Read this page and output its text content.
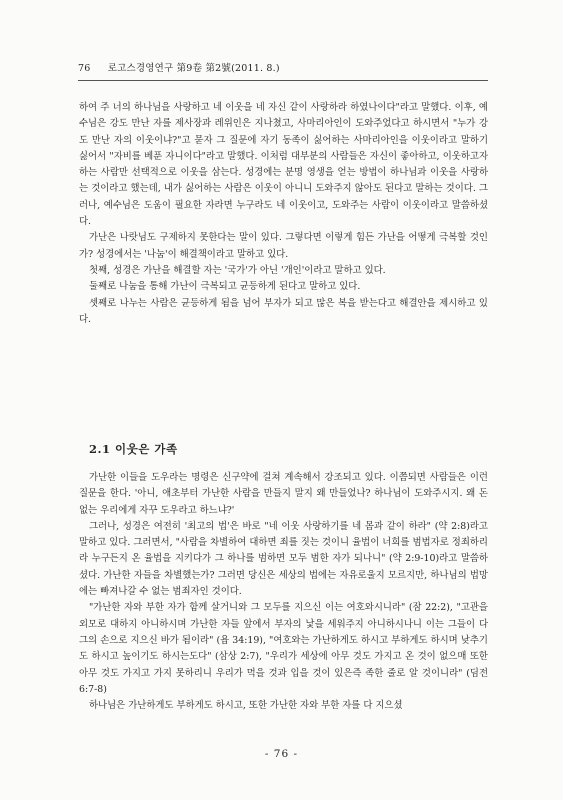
76 로고스경영연구 第9卷 第2號(2011. 8.)

하여 주 너의 하나님을 사랑하고 네 이웃을 네 자신 같이 사랑하라 하였나이다"라고 말했다. 이후, 예수님은 강도 만난 자를 제사장과 레위인은 지나쳤고, 사마리아인이 도와주었다고 하시면서 "누가 강도 만난 자의 이웃이냐?"고 묻자 그 질문에 자기 동족이 싫어하는 사마리아인을 이웃이라고 말하기 싫어서 "자비를 베푼 자니이다"라고 말했다. 이처럼 대부분의 사람들은 자신이 좋아하고, 이웃하고자 하는 사람만 선택적으로 이웃을 삼는다. 성경에는 분명 영생을 얻는 방법이 하나님과 이웃을 사랑하는 것이라고 했는데, 내가 싫어하는 사람은 이웃이 아니니 도와주지 않아도 된다고 말하는 것이다. 그러나, 예수님은 도움이 필요한 자라면 누구라도 네 이웃이고, 도와주는 사람이 이웃이라고 말씀하셨다.

가난은 나랏님도 구제하지 못한다는 말이 있다. 그렇다면 이렇게 힘든 가난을 어떻게 극복할 것인가? 성경에서는 '나눔'이 해결책이라고 말하고 있다.

첫째, 성경은 가난을 해결할 자는 '국가'가 아닌 '개인'이라고 말하고 있다.

둘째로 나눔을 통해 가난이 극복되고 균등하게 된다고 말하고 있다.

셋째로 나누는 사람은 균등하게 됨을 넘어 부자가 되고 많은 복을 받는다고 해결안을 제시하고 있다.

2.1 이웃은 가족

가난한 이들을 도우라는 명령은 신구약에 걸쳐 계속해서 강조되고 있다. 이쯤되면 사람들은 이런 질문을 한다. '아니, 애초부터 가난한 사람을 만들지 말지 왜 만들었나? 하나님이 도와주시지. 왜 돈 없는 우리에게 자꾸 도우라고 하느냐?'

그러나, 성경은 여전히 '최고의 법'은 바로 "네 이웃 사랑하기를 네 몸과 같이 하라" (약 2:8)라고 말하고 있다. 그러면서, "사람을 차별하여 대하면 죄를 짓는 것이니 율법이 너희를 범법자로 정죄하리라 누구든지 온 율법을 지키다가 그 하나를 범하면 모두 범한 자가 되나니" (약 2:9-10)라고 말씀하셨다. 가난한 자들을 차별했는가? 그러면 당신은 세상의 법에는 자유로울지 모르지만, 하나님의 법망에는 빠져나갈 수 없는 범죄자인 것이다.

"가난한 자와 부한 자가 함께 살거니와 그 모두를 지으신 이는 여호와시니라" (잠 22:2), "고관을 외모로 대하지 아니하시며 가난한 자들 앞에서 부자의 낯을 세워주지 아니하시나니 이는 그들이 다 그의 손으로 지으신 바가 됨이라" (욥 34:19), "여호와는 가난하게도 하시고 부하게도 하시며 낮추기도 하시고 높이기도 하시는도다" (삼상 2:7), "우리가 세상에 아무 것도 가지고 온 것이 없으매 또한 아무 것도 가지고 가지 못하리니 우리가 먹을 것과 입을 것이 있은즉 족한 줄로 알 것이니라" (딤전 6:7-8)

하나님은 가난하게도 부하게도 하시고, 또한 가난한 자와 부한 자를 다 지으셨

- 76 -
